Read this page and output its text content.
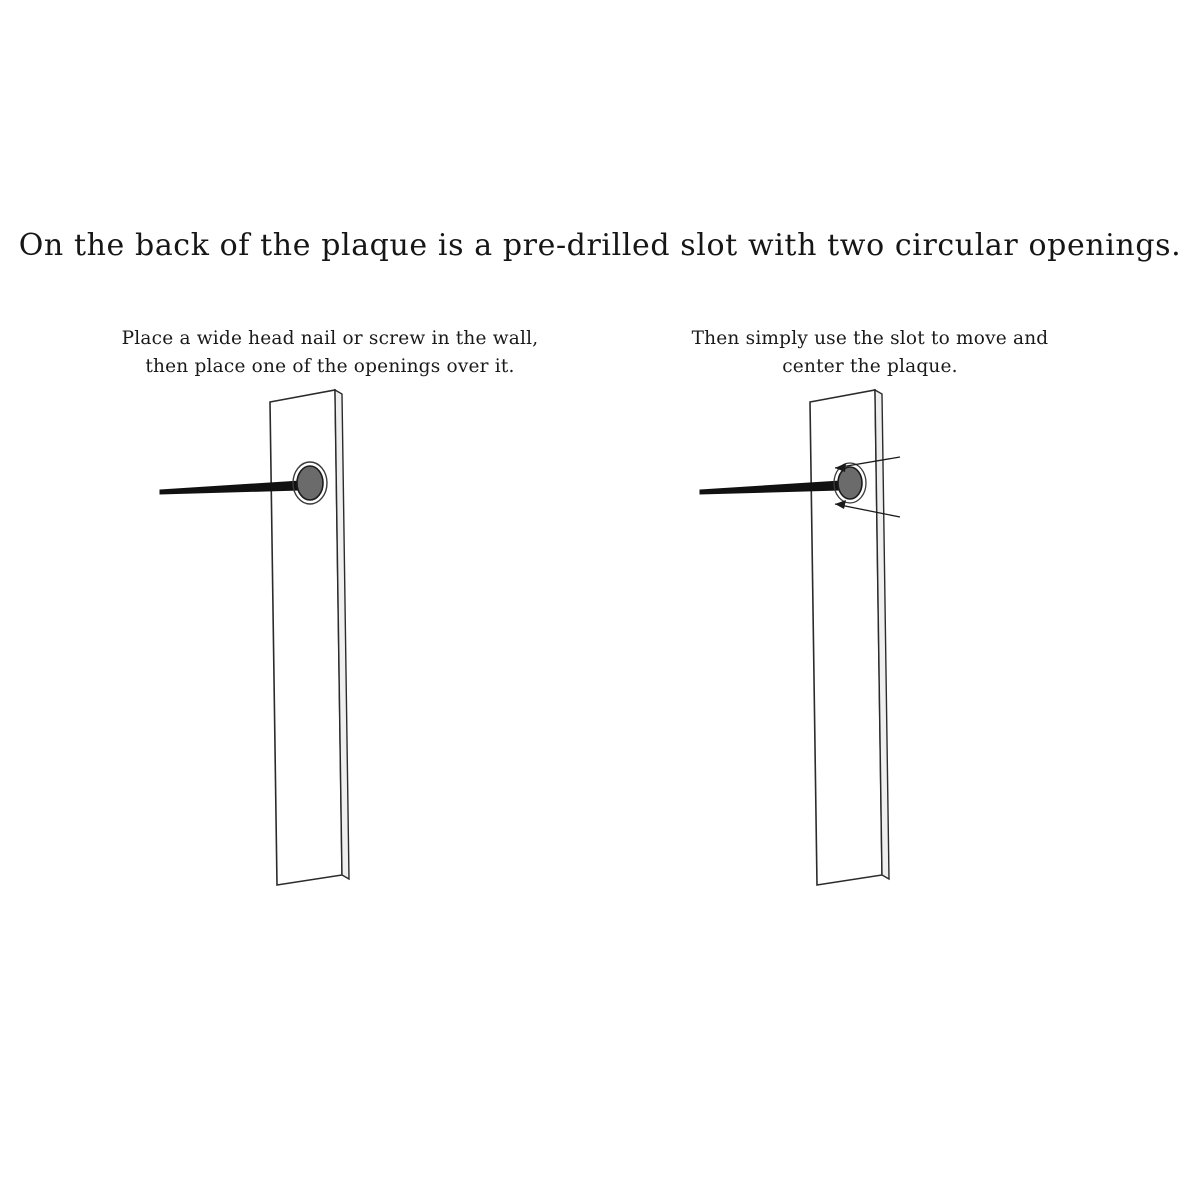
On the back of the plaque is a pre-drilled slot with two circular openings.
Place a wide head nail or screw in the wall,
then place one of the openings over it.
Then simply use the slot to move and
center the plaque.
